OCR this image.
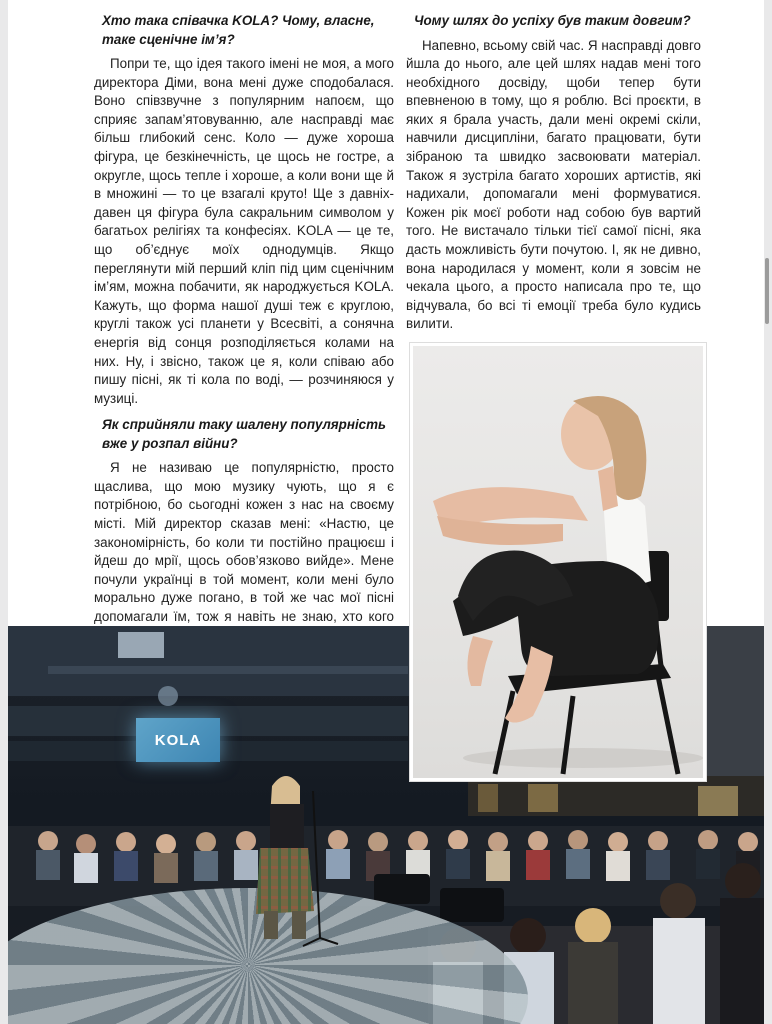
Хто така співачка KOLA? Чому, власне, таке сценічне ім’я?

Попри те, що ідея такого імені не моя, а мого директора Діми, вона мені дуже сподобалася. Воно співзвучне з популярним напоєм, що сприяє запам’ятовуванню, але насправді має більш глибокий сенс. Коло — дуже хороша фігура, це безкінечність, це щось не гостре, а округле, щось тепле і хороше, а коли вони ще й в множині — то це взагалі круто! Ще з давніх-давен ця фігура була сакральним символом у багатьох релігіях та конфесіях. KOLA — це те, що об’єднує моїх однодумців. Якщо переглянути мій перший кліп під цим сценічним ім’ям, можна побачити, як народжується KOLA. Кажуть, що форма нашої душі теж є круглою, круглі також усі планети у Всесвіті, а сонячна енергія від сонця розподіляється колами на них. Ну, і звісно, також це я, коли співаю або пишу пісні, як ті кола по воді, — розчиняюся у музиці.

Як сприйняли таку шалену популярність вже у розпал війни?

Я не називаю це популярністю, просто щаслива, що мою музику чують, що я є потрібною, бо сьогодні кожен з нас на своєму місті. Мій директор сказав мені: «Настю, це закономірність, бо коли ти постійно працюєш і йдеш до мрії, щось обов’язково вийде». Мене почули українці в той момент, коли мені було морально дуже погано, в той же час мої пісні допомагали їм, тож я навіть не знаю, хто кого

Чому шлях до успіху був таким довгим?

Напевно, всьому свій час. Я насправді довго йшла до нього, але цей шлях надав мені того необхідного досвіду, щоби тепер бути впевненою в тому, що я роблю. Всі проєкти, в яких я брала участь, дали мені окремі скіли, навчили дисципліни, багато працювати, бути зібраною та швидко засвоювати матеріал. Також я зустріла багато хороших артистів, які надихали, допомагали мені формуватися. Кожен рік моєї роботи над собою був вартий того. Не вистачало тільки тієї самої пісні, яка дасть можливість бути почутою. І, як не дивно, вона народилася у момент, коли я зовсім не чекала цього, а просто написала про те, що відчувала, бо всі ті емоції треба було кудись вилити.

KOLA
